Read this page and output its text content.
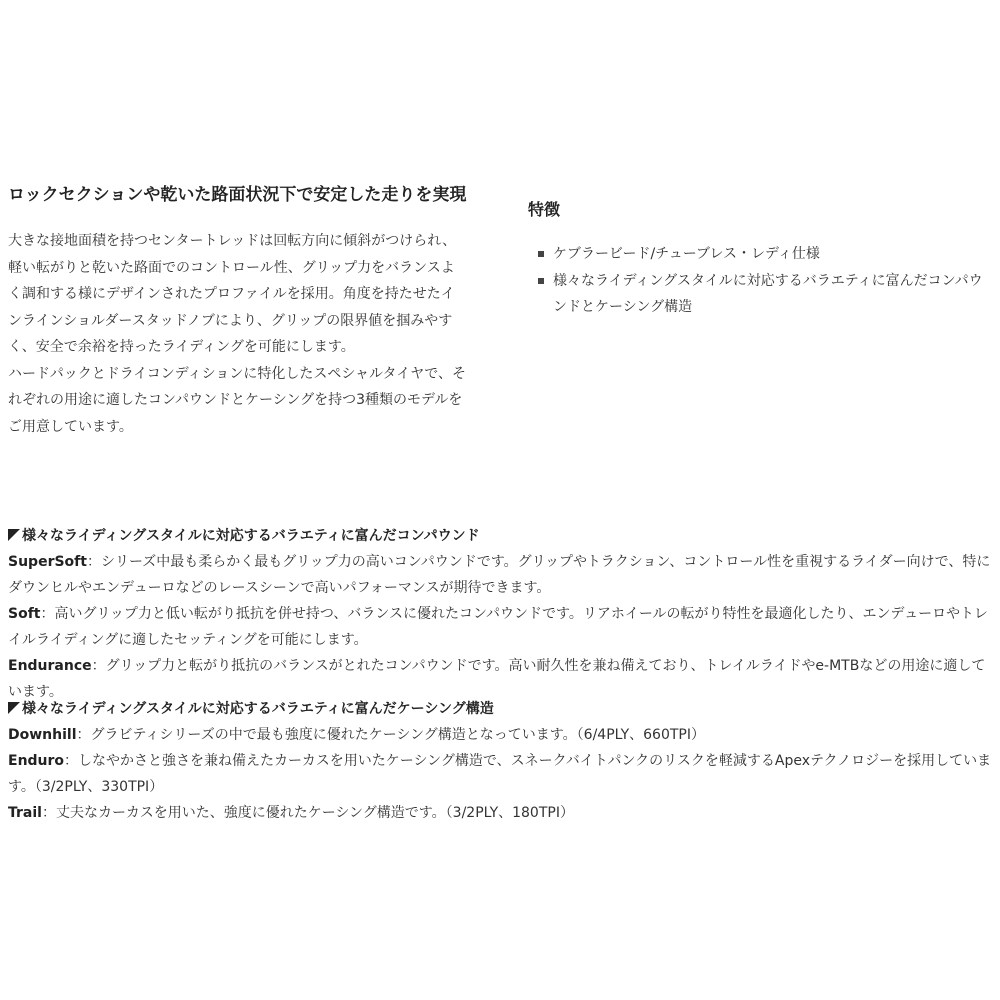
ロックセクションや乾いた路面状況下で安定した走りを実現

大きな接地面積を持つセンタートレッドは回転方向に傾斜がつけられ、軽い転がりと乾いた路面でのコントロール性、グリップ力をバランスよく調和する様にデザインされたプロファイルを採用。角度を持たせたインラインショルダースタッドノブにより、グリップの限界値を掴みやすく、安全で余裕を持ったライディングを可能にします。

ハードパックとドライコンディションに特化したスペシャルタイヤで、それぞれの用途に適したコンパウンドとケーシングを持つ3種類のモデルをご用意しています。

特徴
ケブラービード/チューブレス・レディ仕様
様々なライディングスタイルに対応するバラエティに富んだコンパウンドとケーシング構造
様々なライディングスタイルに対応するバラエティに富んだコンパウンド

SuperSoft：シリーズ中最も柔らかく最もグリップ力の高いコンパウンドです。グリップやトラクション、コントロール性を重視するライダー向けで、特にダウンヒルやエンデューロなどのレースシーンで高いパフォーマンスが期待できます。

Soft：高いグリップ力と低い転がり抵抗を併せ持つ、バランスに優れたコンパウンドです。リアホイールの転がり特性を最適化したり、エンデューロやトレイルライディングに適したセッティングを可能にします。

Endurance：グリップ力と転がり抵抗のバランスがとれたコンパウンドです。高い耐久性を兼ね備えており、トレイルライドやe-MTBなどの用途に適しています。

様々なライディングスタイルに対応するバラエティに富んだケーシング構造

Downhill：グラビティシリーズの中で最も強度に優れたケーシング構造となっています。（6/4PLY、660TPI）

Enduro：しなやかさと強さを兼ね備えたカーカスを用いたケーシング構造で、スネークバイトパンクのリスクを軽減するApexテクノロジーを採用しています。（3/2PLY、330TPI）

Trail：丈夫なカーカスを用いた、強度に優れたケーシング構造です。（3/2PLY、180TPI）
